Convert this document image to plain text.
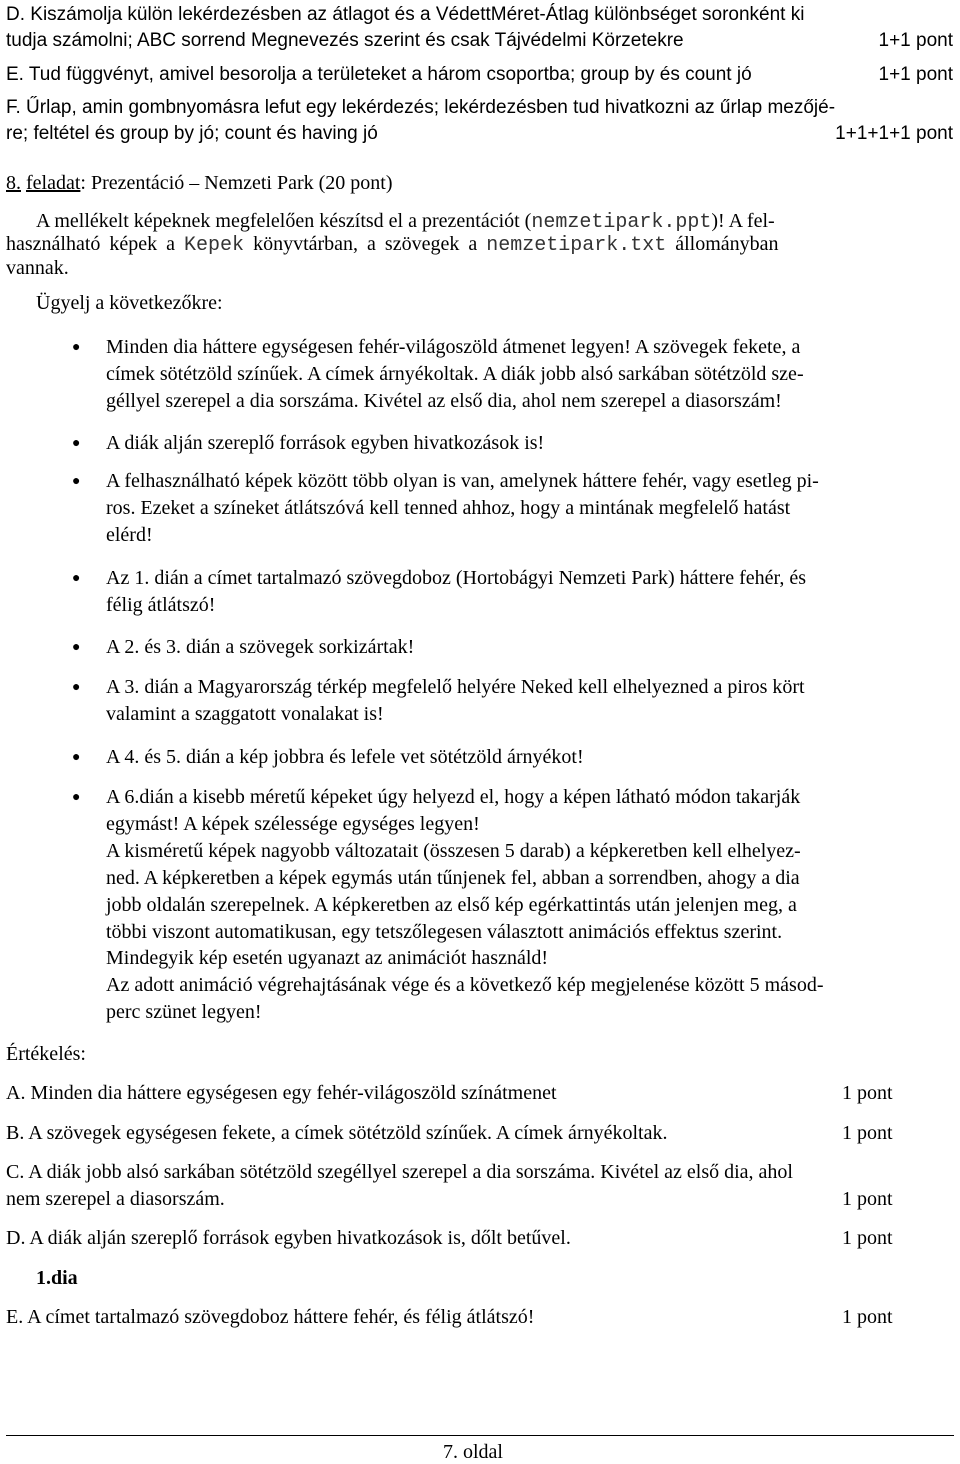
D. Kiszámolja külön lekérdezésben az átlagot és a VédettMéret-Átlag különbséget soronként ki
tudja számolni; ABC sorrend Megnevezés szerint és csak Tájvédelmi Körzetekre	1+1 pont
E. Tud függvényt, amivel besorolja a területeket a három csoportba; group by és count jó	1+1 pont
F. Űrlap, amin gombnyomásra lefut egy lekérdezés; lekérdezésben tud hivatkozni az űrlap mezőjé-
re; feltétel és group by jó; count és having jó	1+1+1+1 pont
8. feladat: Prezentáció – Nemzeti Park (20 pont)
A mellékelt képeknek megfelelően készítsd el a prezentációt (nemzetipark.ppt)! A fel-
használható képek a Kepek könyvtárban, a szövegek a nemzetipark.txt állományban
vannak.
Ügyelj a következőkre:
● Minden dia háttere egységesen fehér-világoszöld átmenet legyen! A szövegek fekete, a
címek sötétzöld színűek. A címek árnyékoltak. A diák jobb alsó sarkában sötétzöld sze-
géllyel szerepel a dia sorszáma. Kivétel az első dia, ahol nem szerepel a diasorszám!
● A diák alján szereplő források egyben hivatkozások is!
● A felhasználható képek között több olyan is van, amelynek háttere fehér, vagy esetleg pi-
ros. Ezeket a színeket átlátszóvá kell tenned ahhoz, hogy a mintának megfelelő hatást
elérd!
● Az 1. dián a címet tartalmazó szövegdoboz (Hortobágyi Nemzeti Park) háttere fehér, és
félig átlátszó!
● A 2. és 3. dián a szövegek sorkizártak!
● A 3. dián a Magyarország térkép megfelelő helyére Neked kell elhelyezned a piros kört
valamint a szaggatott vonalakat is!
● A 4. és 5. dián a kép jobbra és lefele vet sötétzöld árnyékot!
● A 6.dián a kisebb méretű képeket úgy helyezd el, hogy a képen látható módon takarják
egymást! A képek szélessége egységes legyen!
A kisméretű képek nagyobb változatait (összesen 5 darab) a képkeretben kell elhelyez-
ned. A képkeretben a képek egymás után tűnjenek fel, abban a sorrendben, ahogy a dia
jobb oldalán szerepelnek. A képkeretben az első kép egérkattintás után jelenjen meg, a
többi viszont automatikusan, egy tetszőlegesen választott animációs effektus szerint.
Mindegyik kép esetén ugyanazt az animációt használd!
Az adott animáció végrehajtásának vége és a következő kép megjelenése között 5 másod-
perc szünet legyen!
Értékelés:
A. Minden dia háttere egységesen egy fehér-világoszöld színátmenet	1 pont
B. A szövegek egységesen fekete, a címek sötétzöld színűek. A címek árnyékoltak.	1 pont
C. A diák jobb alsó sarkában sötétzöld szegéllyel szerepel a dia sorszáma. Kivétel az első dia, ahol
nem szerepel a diasorszám.	1 pont
D. A diák alján szereplő források egyben hivatkozások is, dőlt betűvel.	1 pont
1.dia
E. A címet tartalmazó szövegdoboz háttere fehér, és félig átlátszó!	1 pont
7. oldal
